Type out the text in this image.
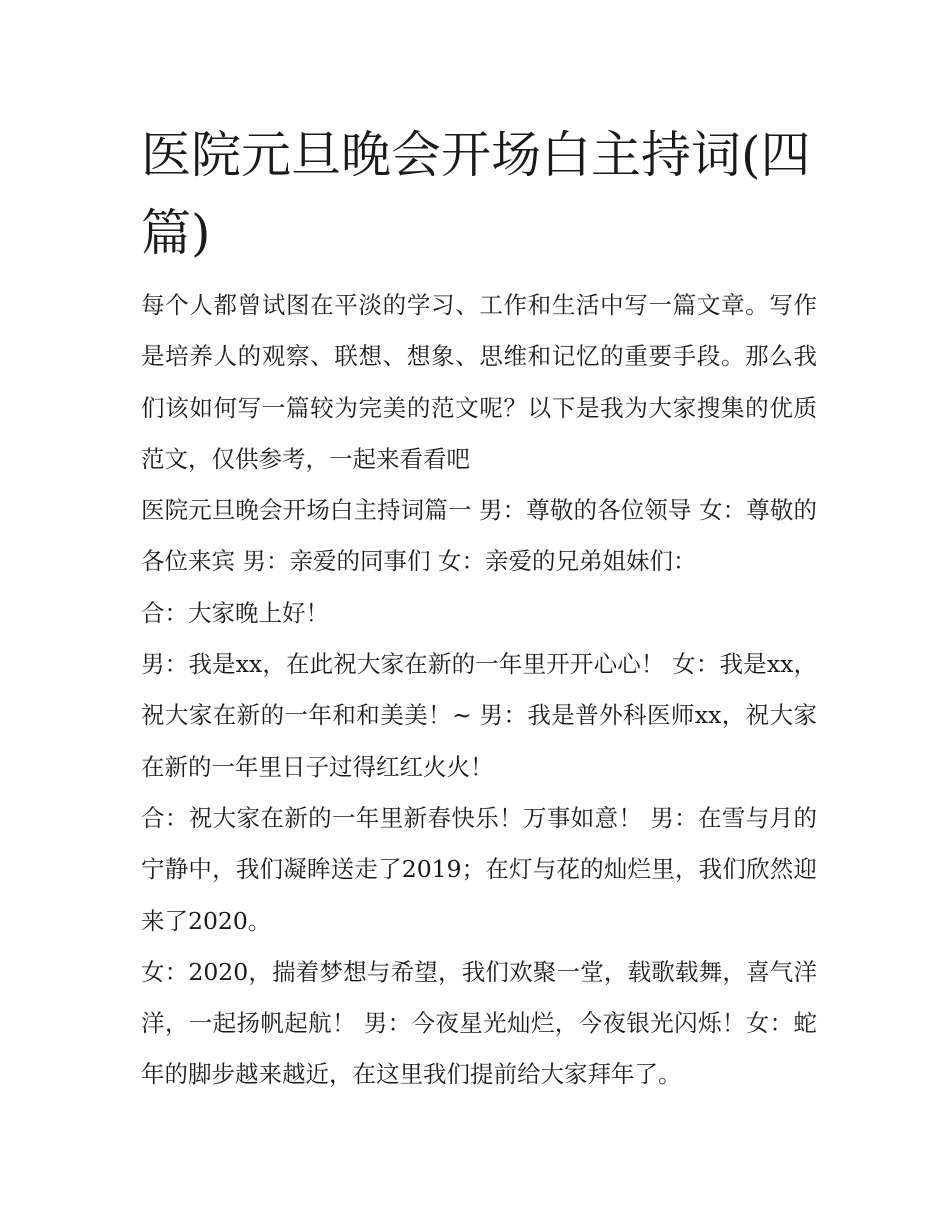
医院元旦晚会开场白主持词(四篇)

每个人都曾试图在平淡的学习、工作和生活中写一篇文章。写作是培养人的观察、联想、想象、思维和记忆的重要手段。那么我们该如何写一篇较为完美的范文呢？以下是我为大家搜集的优质范文，仅供参考，一起来看看吧

医院元旦晚会开场白主持词篇一 男：尊敬的各位领导 女：尊敬的各位来宾 男：亲爱的同事们 女：亲爱的兄弟姐妹们：

合：大家晚上好！

男：我是xx，在此祝大家在新的一年里开开心心！ 女：我是xx，祝大家在新的一年和和美美！~ 男：我是普外科医师xx，祝大家在新的一年里日子过得红红火火！

合：祝大家在新的一年里新春快乐！万事如意！ 男：在雪与月的宁静中，我们凝眸送走了2019；在灯与花的灿烂里，我们欣然迎来了2020。

女：2020，揣着梦想与希望，我们欢聚一堂，载歌载舞，喜气洋洋，一起扬帆起航！ 男：今夜星光灿烂，今夜银光闪烁！女：蛇年的脚步越来越近，在这里我们提前给大家拜年了。
